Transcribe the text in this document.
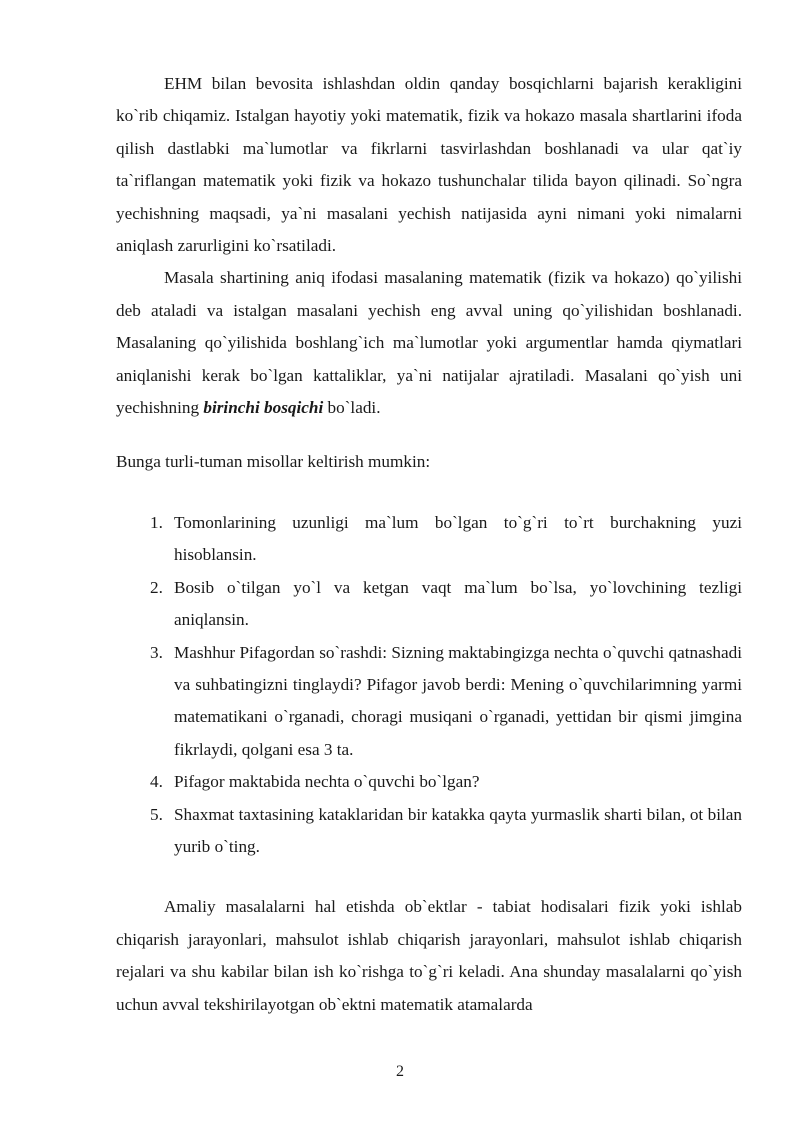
EHM bilan bevosita ishlashdan oldin qanday bosqichlarni bajarish kerakligini ko`rib chiqamiz. Istalgan hayotiy yoki matematik, fizik va hokazo masala shartlarini ifoda qilish dastlabki ma`lumotlar va fikrlarni tasvirlashdan boshlanadi va ular qat`iy ta`riflangan matematik yoki fizik va hokazo tushunchalar tilida bayon qilinadi. So`ngra yechishning maqsadi, ya`ni masalani yechish natijasida ayni nimani yoki nimalarni aniqlash zarurligini ko`rsatiladi.

Masala shartining aniq ifodasi masalaning matematik (fizik va hokazo) qo`yilishi deb ataladi va istalgan masalani yechish eng avval uning qo`yilishidan boshlanadi. Masalaning qo`yilishida boshlang`ich ma`lumotlar yoki argumentlar hamda qiymatlari aniqlanishi kerak bo`lgan kattaliklar, ya`ni natijalar ajratiladi. Masalani qo`yish uni yechishning birinchi bosqichi bo`ladi.

Bunga turli-tuman misollar keltirish mumkin:

1. Tomonlarining uzunligi ma`lum bo`lgan to`g`ri to`rt burchakning yuzi hisoblansin.
2. Bosib o`tilgan yo`l va ketgan vaqt ma`lum bo`lsa, yo`lovchining tezligi aniqlansin.
3. Mashhur Pifagordan so`rashdi: Sizning maktabingizga nechta o`quvchi qatnashadi va suhbatingizni tinglaydi? Pifagor javob berdi: Mening o`quvchilarimning yarmi matematikani o`rganadi, choragi musiqani o`rganadi, yettidan bir qismi jimgina fikrlaydi, qolgani esa 3 ta.
4. Pifagor maktabida nechta o`quvchi bo`lgan?
5. Shaxmat taxtasining kataklaridan bir katakka qayta yurmaslik sharti bilan, ot bilan yurib o`ting.

Amaliy masalalarni hal etishda ob`ektlar - tabiat hodisalari fizik yoki ishlab chiqarish jarayonlari, mahsulot ishlab chiqarish jarayonlari, mahsulot ishlab chiqarish rejalari va shu kabilar bilan ish ko`rishga to`g`ri keladi. Ana shunday masalalarni qo`yish uchun avval tekshirilayotgan ob`ektni matematik atamalarda

2
